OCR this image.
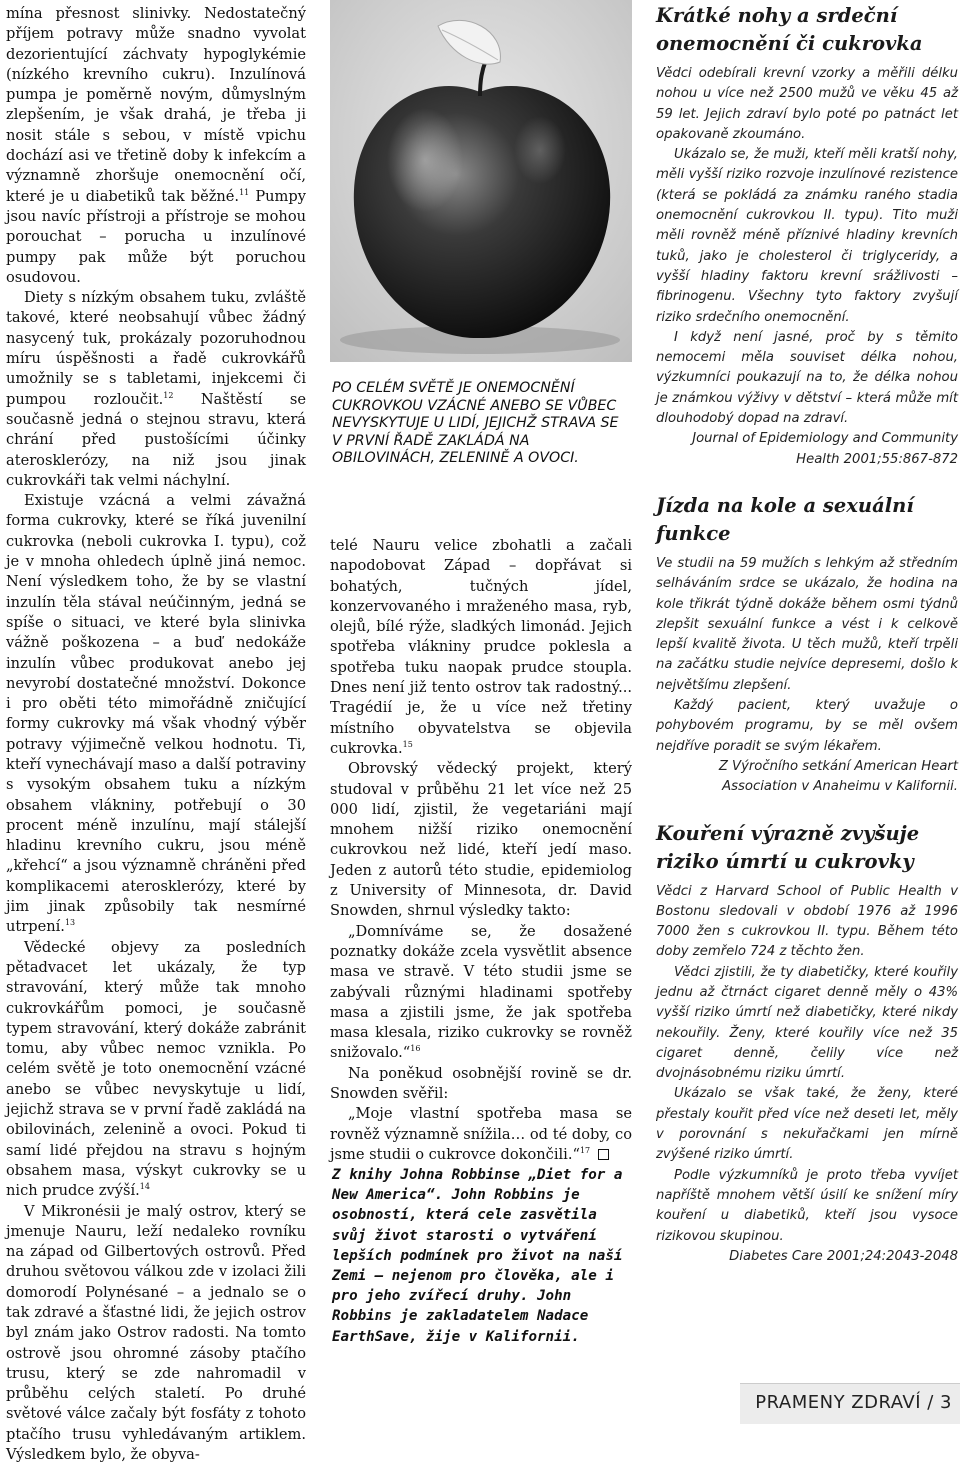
mína přesnost slinivky. Nedostatečný příjem potravy může snadno vyvolat dezorientující záchvaty hypoglykémie (nízkého krevního cukru). Inzulínová pumpa je poměrně novým, důmyslným zlepšením, je však drahá, je třeba ji nosit stále s sebou, v místě vpichu dochází asi ve třetině doby k infekcím a významně zhoršuje onemocnění očí, které je u diabetiků tak běžné.$^{11}$ Pumpy jsou navíc přístroji a přístroje se mohou porouchat – porucha u inzulínové pumpy pak může být poruchou osudovou.

Diety s nízkým obsahem tuku, zvláště takové, které neobsahují vůbec žádný nasycený tuk, prokázaly pozoruhodnou míru úspěšnosti a řadě cukrovkářů umožnily se s tabletami, injekcemi či pumpou rozloučit.$^{12}$ Naštěstí se současně jedná o stejnou stravu, která chrání před pustošícími účinky aterosklerózy, na niž jsou jinak cukrovkáři tak velmi náchylní.

Existuje vzácná a velmi závažná forma cukrovky, které se říká juvenilní cukrovka (neboli cukrovka I. typu), což je v mnoha ohledech úplně jiná nemoc. Není výsledkem toho, že by se vlastní inzulín těla stával neúčinným, jedná se spíše o situaci, ve které byla slinivka vážně poškozena – a buď nedokáže inzulín vůbec produkovat anebo jej nevyrobí dostatečné množství. Dokonce i pro oběti této mimořádně zničující formy cukrovky má však vhodný výběr potravy výjimečně velkou hodnotu. Ti, kteří vynechávají maso a další potraviny s vysokým obsahem tuku a nízkým obsahem vlákniny, potřebují o 30 procent méně inzulínu, mají stálejší hladinu krevního cukru, jsou méně „křehcí“ a jsou významně chráněni před komplikacemi aterosklerózy, které by jim jinak způsobily tak nesmírné utrpení.$^{13}$

Vědecké objevy za posledních pětadvacet let ukázaly, že typ stravování, který může tak mnoho cukrovkářům pomoci, je současně typem stravování, který dokáže zabránit tomu, aby vůbec nemoc vznikla. Po celém světě je toto onemocnění vzácné anebo se vůbec nevyskytuje u lidí, jejichž strava se v první řadě zakládá na obilovinách, zelenině a ovoci. Pokud ti samí lidé přejdou na stravu s hojným obsahem masa, výskyt cukrovky se u nich prudce zvýší.$^{14}$

V Mikronésii je malý ostrov, který se jmenuje Nauru, leží nedaleko rovníku na západ od Gilbertových ostrovů. Před druhou světovou válkou zde v izolaci žili domorodí Polynésané – a jednalo se o tak zdravé a šťastné lidi, že jejich ostrov byl znám jako Ostrov radosti. Na tomto ostrově jsou ohromné zásoby ptačího trusu, který se zde nahromadil v průběhu celých staletí. Po druhé světové válce začaly být fosfáty z tohoto ptačího trusu vyhledávaným artiklem. Výsledkem bylo, že obyva-

PO CELÉM SVĚTĚ JE ONEMOCNĚNÍ CUKROVKOU VZÁCNÉ ANEBO SE VŮBEC NEVYSKYTUJE U LIDÍ, JEJICHŽ STRAVA SE V PRVNÍ ŘADĚ ZAKLÁDÁ NA OBILOVINÁCH, ZELENINĚ A OVOCI.

telé Nauru velice zbohatli a začali napodobovat Západ – dopřávat si bohatých, tučných jídel, konzervovaného i mraženého masa, ryb, olejů, bílé rýže, sladkých limonád. Jejich spotřeba vlákniny prudce poklesla a spotřeba tuku naopak prudce stoupla. Dnes není již tento ostrov tak radostný... Tragédií je, že u více než třetiny místního obyvatelstva se objevila cukrovka.$^{15}$

Obrovský vědecký projekt, který studoval v průběhu 21 let více než 25 000 lidí, zjistil, že vegetariáni mají mnohem nižší riziko onemocnění cukrovkou než lidé, kteří jedí maso. Jeden z autorů této studie, epidemiolog z University of Minnesota, dr. David Snowden, shrnul výsledky takto:

„Domníváme se, že dosažené poznatky dokáže zcela vysvětlit absence masa ve stravě. V této studii jsme se zabývali různými hladinami spotřeby masa a zjistili jsme, že jak spotřeba masa klesala, riziko cukrovky se rovněž snižovalo.“$^{16}$

Na poněkud osobnější rovině se dr. Snowden svěřil:

„Moje vlastní spotřeba masa se rovněž významně snížila… od té doby, co jsme studii o cukrovce dokončili.“$^{17}$

Z knihy Johna Robbinse „Diet for a New America“. John Robbins je osobností, která cele zasvětila svůj život starosti o vytváření lepších podmínek pro život na naší Zemi – nejenom pro člověka, ale i pro jeho zvířecí druhy. John Robbins je zakladatelem Nadace EarthSave, žije v Kalifornii.
Krátké nohy a srdeční onemocnění či cukrovka

Vědci odebírali krevní vzorky a měřili délku nohou u více než 2500 mužů ve věku 45 až 59 let. Jejich zdraví bylo poté po patnáct let opakovaně zkoumáno.

Ukázalo se, že muži, kteří měli kratší nohy, měli vyšší riziko rozvoje inzulínové rezistence (která se pokládá za známku raného stadia onemocnění cukrovkou II. typu). Tito muži měli rovněž méně příznivé hladiny krevních tuků, jako je cholesterol či triglyceridy, a vyšší hladiny faktoru krevní srážlivosti – fibrinogenu. Všechny tyto faktory zvyšují riziko srdečního onemocnění.

I když není jasné, proč by s těmito nemocemi měla souviset délka nohou, výzkumníci poukazují na to, že délka nohou je známkou výživy v dětství – která může mít dlouhodobý dopad na zdraví.

Journal of Epidemiology and Community Health 2001;55:867-872

Jízda na kole a sexuální funkce

Ve studii na 59 mužích s lehkým až středním selháváním srdce se ukázalo, že hodina na kole třikrát týdně dokáže během osmi týdnů zlepšit sexuální funkce a vést i k celkově lepší kvalitě života. U těch mužů, kteří trpěli na začátku studie nejvíce depresemi, došlo k největšímu zlepšení.

Každý pacient, který uvažuje o pohybovém programu, by se měl ovšem nejdříve poradit se svým lékařem.

Z Výročního setkání American Heart Association v Anaheimu v Kalifornii.

Kouření výrazně zvyšuje riziko úmrtí u cukrovky

Vědci z Harvard School of Public Health v Bostonu sledovali v období 1976 až 1996 7000 žen s cukrovkou II. typu. Během této doby zemřelo 724 z těchto žen.

Vědci zjistili, že ty diabetičky, které kouřily jednu až čtrnáct cigaret denně měly o 43% vyšší riziko úmrtí než diabetičky, které nikdy nekouřily. Ženy, které kouřily více než 35 cigaret denně, čelily více než dvojnásobnému riziku úmrtí.

Ukázalo se však také, že ženy, které přestaly kouřit před více než deseti let, měly v porovnání s nekuřačkami jen mírně zvýšené riziko úmrtí.

Podle výzkumníků je proto třeba vyvíjet napříště mnohem větší úsilí ke snížení míry kouření u diabetiků, kteří jsou vysoce rizikovou skupinou.

Diabetes Care 2001;24:2043-2048

PRAMENY ZDRAVÍ / 3
